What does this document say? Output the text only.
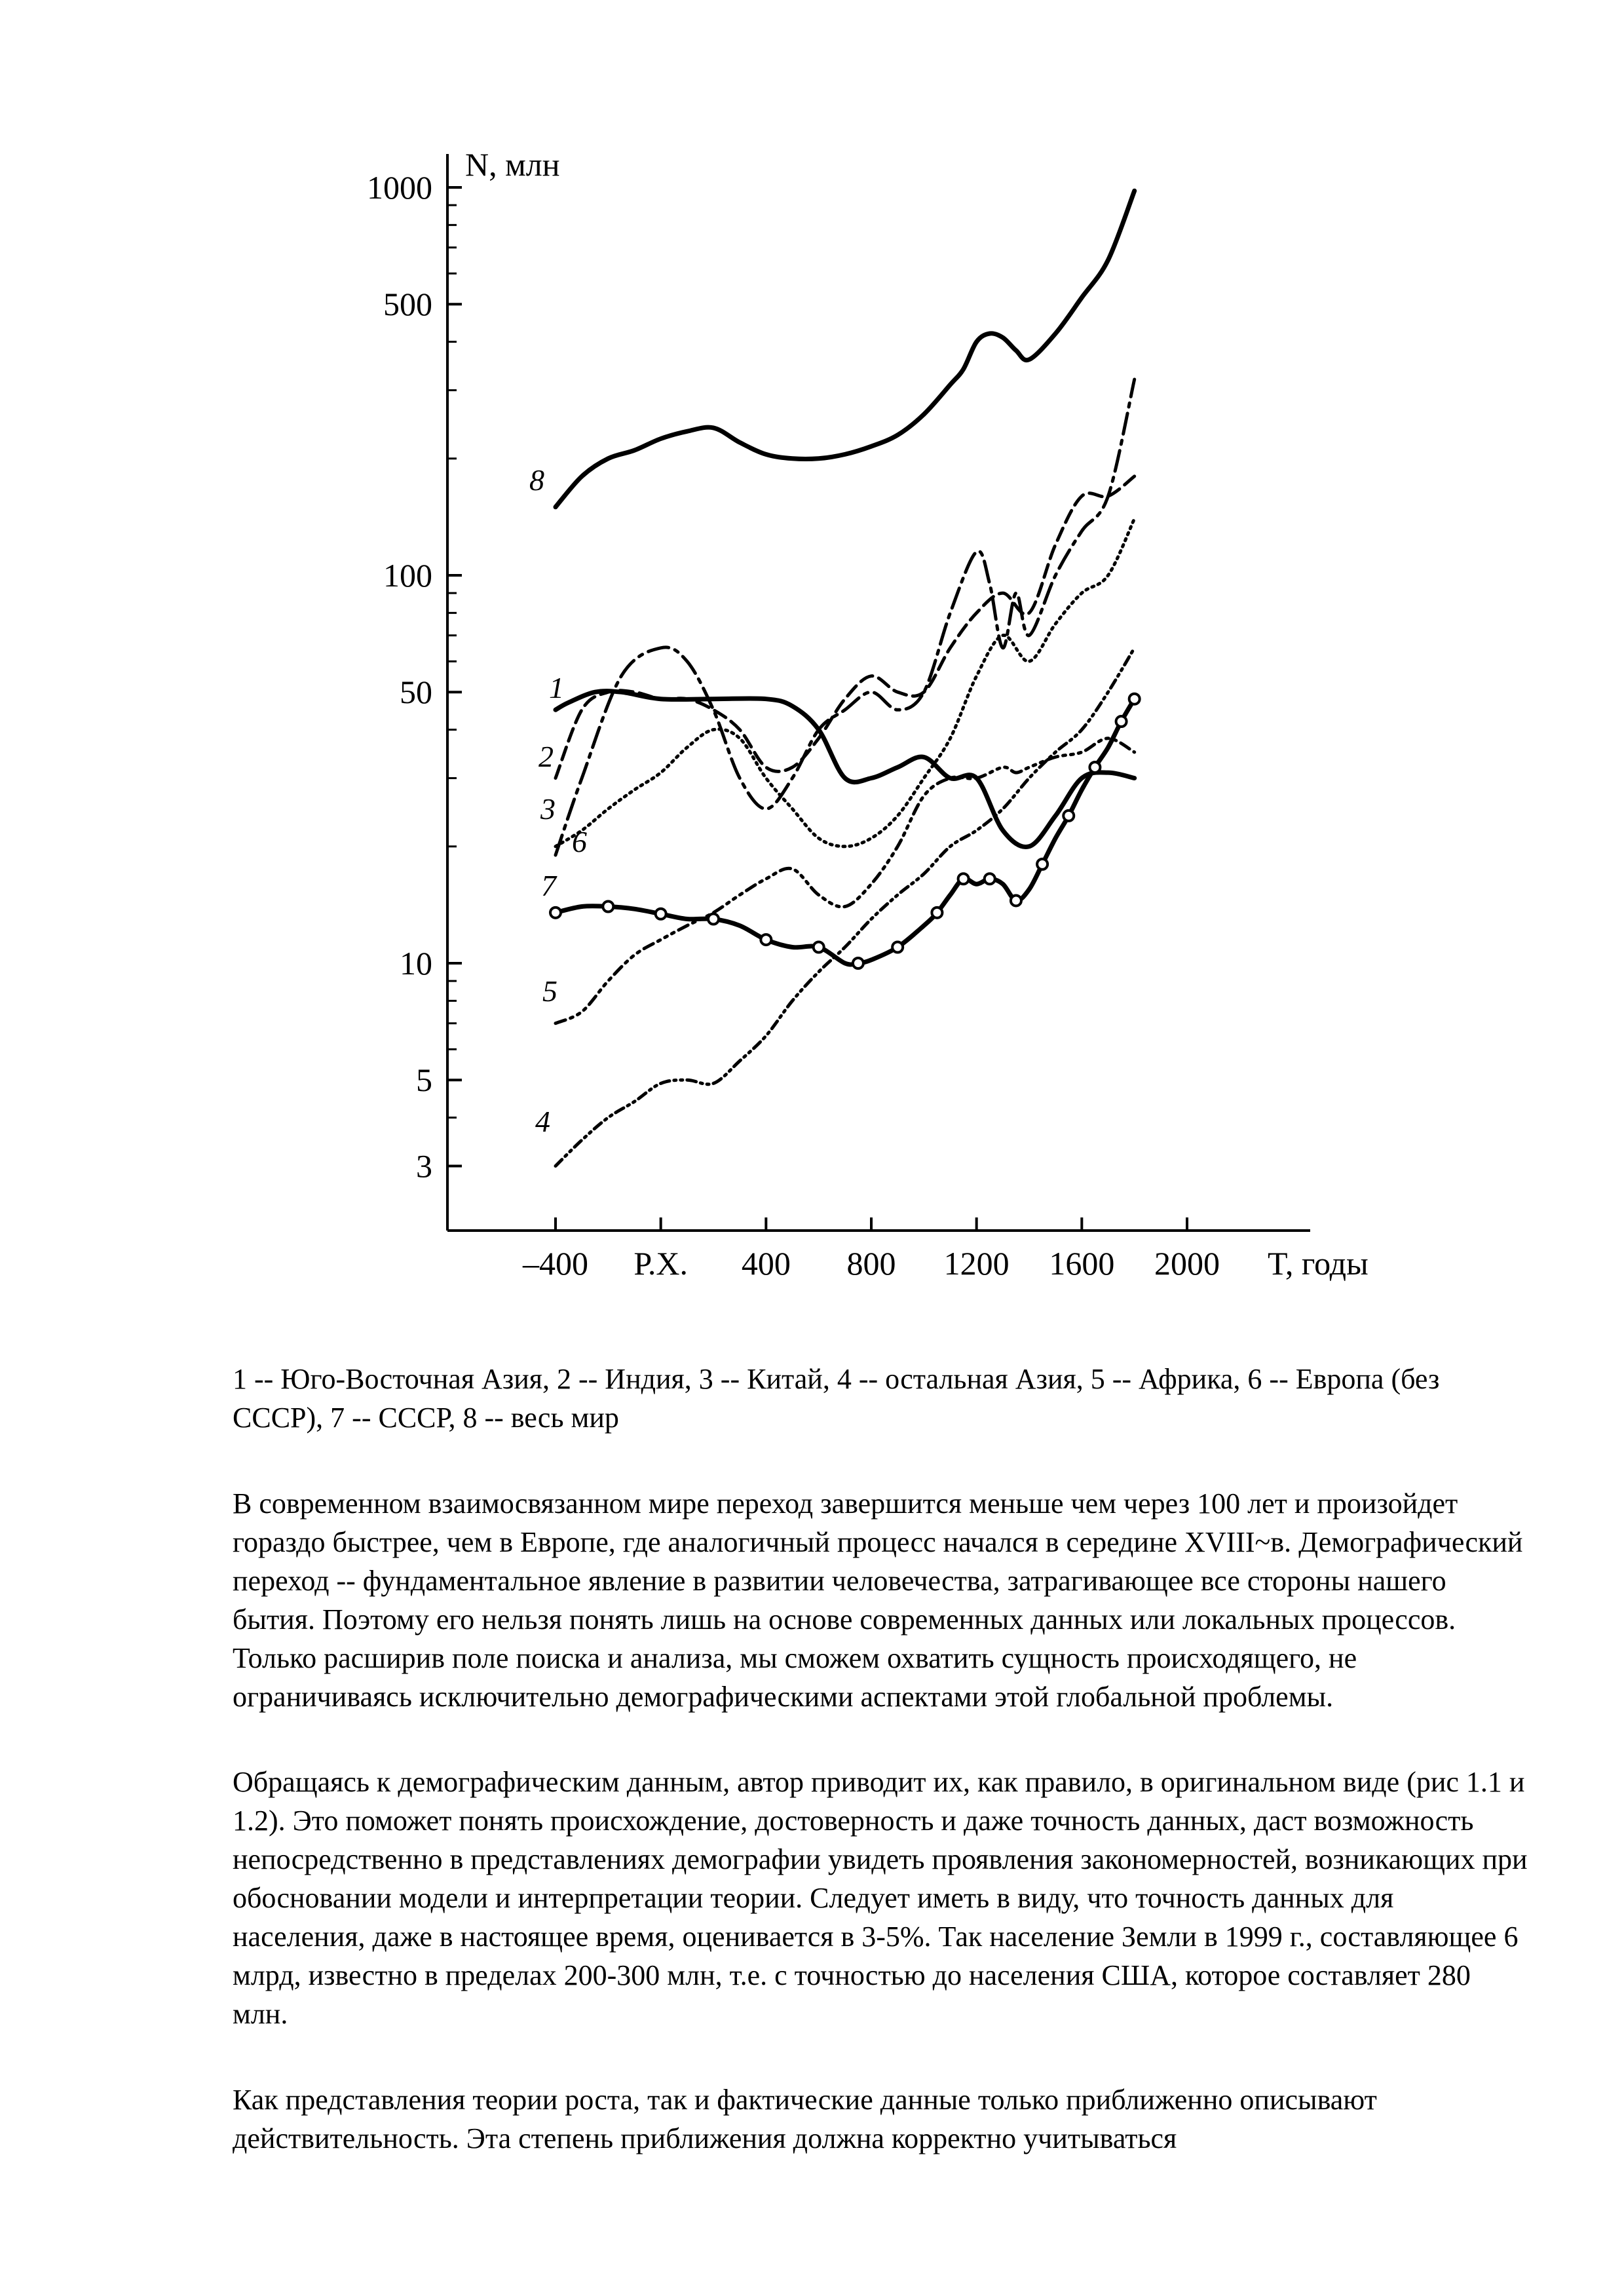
1000
500
100
50
10
5
3
–400 Р.Х. 400 800 1200 1600 2000
N, млн
T, годы
1
2
3
4
5
6
7
8

1 -- Юго-Восточная Азия, 2 -- Индия, 3 -- Китай, 4 -- остальная Азия, 5 -- Африка, 6 -- Европа (без СССР), 7 -- СССР, 8 -- весь мир

В современном взаимосвязанном мире переход завершится меньше чем через 100 лет и произойдет гораздо быстрее, чем в Европе, где аналогичный процесс начался в середине XVIII~в. Демографический переход -- фундаментальное явление в развитии человечества, затрагивающее все стороны нашего бытия. Поэтому его нельзя понять лишь на основе современных данных или локальных процессов. Только расширив поле поиска и анализа, мы сможем охватить сущность происходящего, не ограничиваясь исключительно демографическими аспектами этой глобальной проблемы.

Обращаясь к демографическим данным, автор приводит их, как правило, в оригинальном виде (рис 1.1 и 1.2). Это поможет понять происхождение, достоверность и даже точность данных, даст возможность непосредственно в представлениях демографии увидеть проявления закономерностей, возникающих при обосновании модели и интерпретации теории. Следует иметь в виду, что точность данных для населения, даже в настоящее время, оценивается в 3-5%. Так население Земли в 1999 г., составляющее 6 млрд, известно в пределах 200-300 млн, т.е. с точностью до населения США, которое составляет 280 млн.

Как представления теории роста, так и фактические данные только приближенно описывают действительность. Эта степень приближения должна корректно учитываться
